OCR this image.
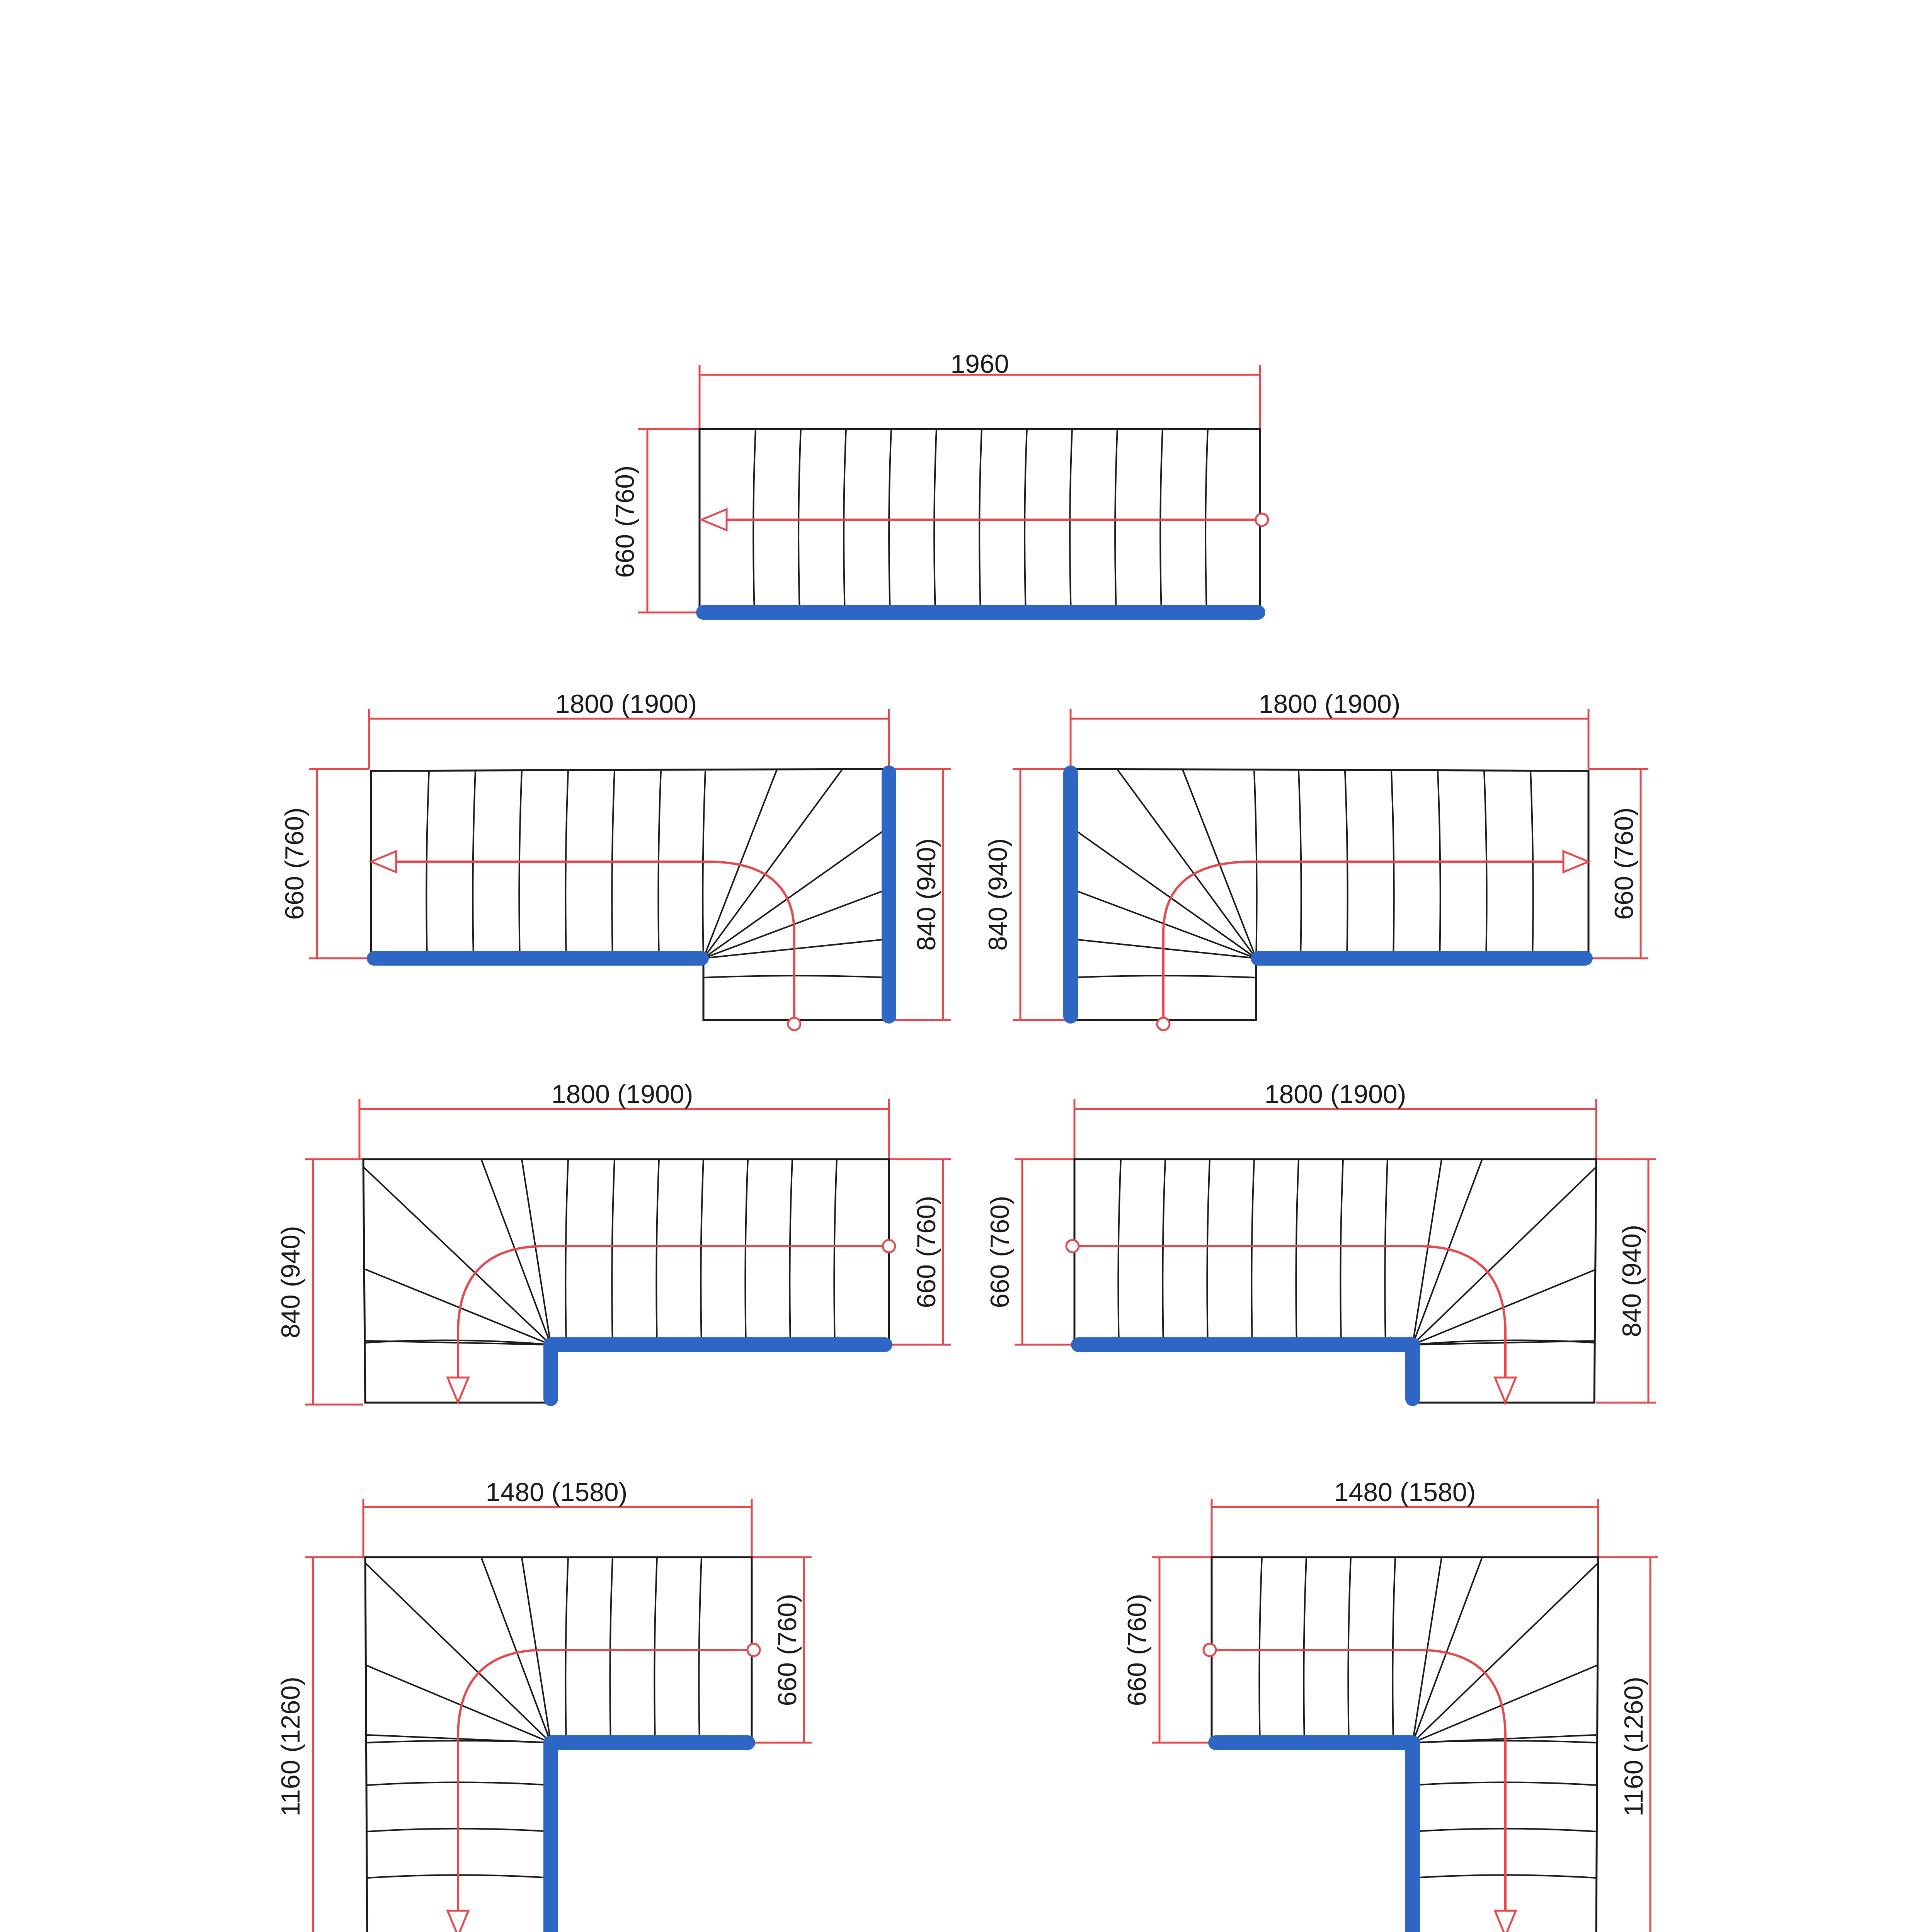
1960
660 (760)
1800 (1900)
660 (760)	840 (940)
1800 (1900)
840 (940)	660 (760)
1800 (1900)
840 (940)	660 (760)
1800 (1900)
660 (760)	840 (940)
1480 (1580)
1160 (1260)
660 (760)
1480 (1580)
660 (760)
1160 (1260)
